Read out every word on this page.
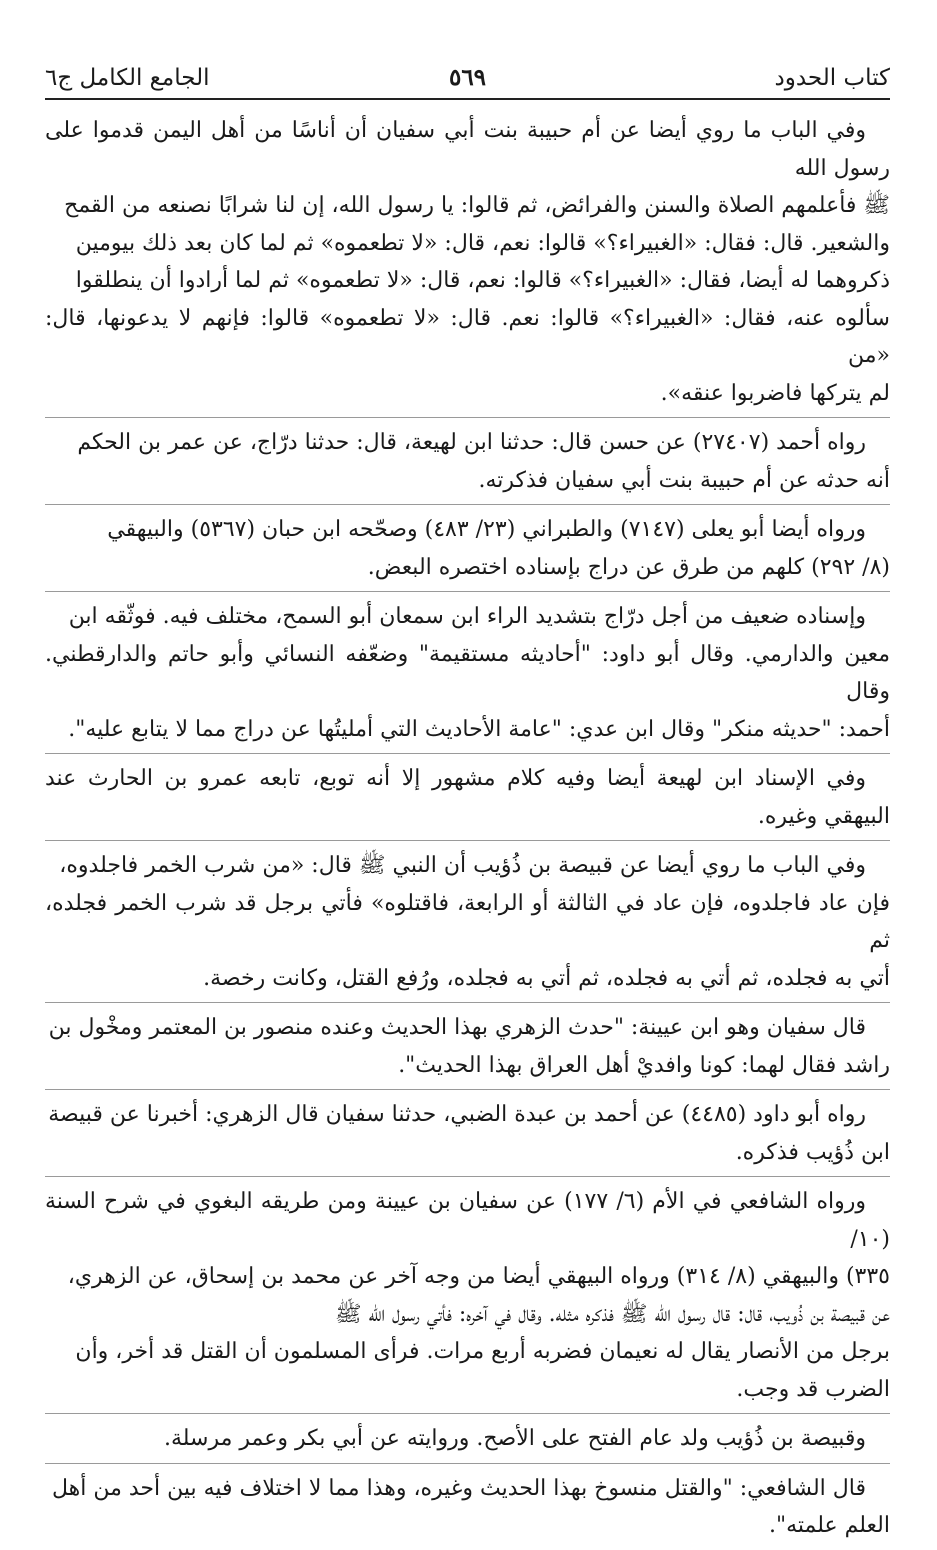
كتاب الحدود
٥٦٩
الجامع الكامل ج٦
وفي الباب ما روي أيضا عن أم حبيبة بنت أبي سفيان أن أناسًا من أهل اليمن قدموا على رسول الله
ﷺ فأعلمهم الصلاة والسنن والفرائض، ثم قالوا: يا رسول الله، إن لنا شرابًا نصنعه من القمح
والشعير. قال: فقال: «الغبيراء؟» قالوا: نعم، قال: «لا تطعموه» ثم لما كان بعد ذلك بيومين
ذكروهما له أيضا، فقال: «الغبيراء؟» قالوا: نعم، قال: «لا تطعموه» ثم لما أرادوا أن ينطلقوا
سألوه عنه، فقال: «الغبيراء؟» قالوا: نعم. قال: «لا تطعموه» قالوا: فإنهم لا يدعونها، قال: «من
لم يتركها فاضربوا عنقه».
رواه أحمد (٢٧٤٠٧) عن حسن قال: حدثنا ابن لهيعة، قال: حدثنا درّاج، عن عمر بن الحكم
أنه حدثه عن أم حبيبة بنت أبي سفيان فذكرته.
ورواه أيضا أبو يعلى (٧١٤٧) والطبراني (٢٣/ ٤٨٣) وصحّحه ابن حبان (٥٣٦٧) والبيهقي
(٨/ ٢٩٢) كلهم من طرق عن دراج بإسناده اختصره البعض.
وإسناده ضعيف من أجل درّاج بتشديد الراء ابن سمعان أبو السمح، مختلف فيه. فوثّقه ابن
معين والدارمي. وقال أبو داود: "أحاديثه مستقيمة" وضعّفه النسائي وأبو حاتم والدارقطني. وقال
أحمد: "حديثه منكر" وقال ابن عدي: "عامة الأحاديث التي أمليتُها عن دراج مما لا يتابع عليه".
وفي الإسناد ابن لهيعة أيضا وفيه كلام مشهور إلا أنه توبع، تابعه عمرو بن الحارث عند البيهقي وغيره.
وفي الباب ما روي أيضا عن قبيصة بن ذُؤيب أن النبي ﷺ قال: «من شرب الخمر فاجلدوه،
فإن عاد فاجلدوه، فإن عاد في الثالثة أو الرابعة، فاقتلوه» فأتي برجل قد شرب الخمر فجلده، ثم
أتي به فجلده، ثم أتي به فجلده، ثم أتي به فجلده، ورُفع القتل، وكانت رخصة.
قال سفيان وهو ابن عيينة: "حدث الزهري بهذا الحديث وعنده منصور بن المعتمر ومخْول بن
راشد فقال لهما: كونا وافديْ أهل العراق بهذا الحديث".
رواه أبو داود (٤٤٨٥) عن أحمد بن عبدة الضبي، حدثنا سفيان قال الزهري: أخبرنا عن قبيصة
ابن ذُؤيب فذكره.
ورواه الشافعي في الأم (٦/ ١٧٧) عن سفيان بن عيينة ومن طريقه البغوي في شرح السنة (١٠/
٣٣٥) والبيهقي (٨/ ٣١٤) ورواه البيهقي أيضا من وجه آخر عن محمد بن إسحاق، عن الزهري،
عن قبيصة بن ذُويب، قال: قال رسول الله ﷺ فذكره مثله. وقال في آخره: فأتي رسول الله ﷺ
برجل من الأنصار يقال له نعيمان فضربه أربع مرات. فرأى المسلمون أن القتل قد أخر، وأن
الضرب قد وجب.
وقبيصة بن ذُؤيب ولد عام الفتح على الأصح. وروايته عن أبي بكر وعمر مرسلة.
قال الشافعي: "والقتل منسوخ بهذا الحديث وغيره، وهذا مما لا اختلاف فيه بين أحد من أهل
العلم علمته".
